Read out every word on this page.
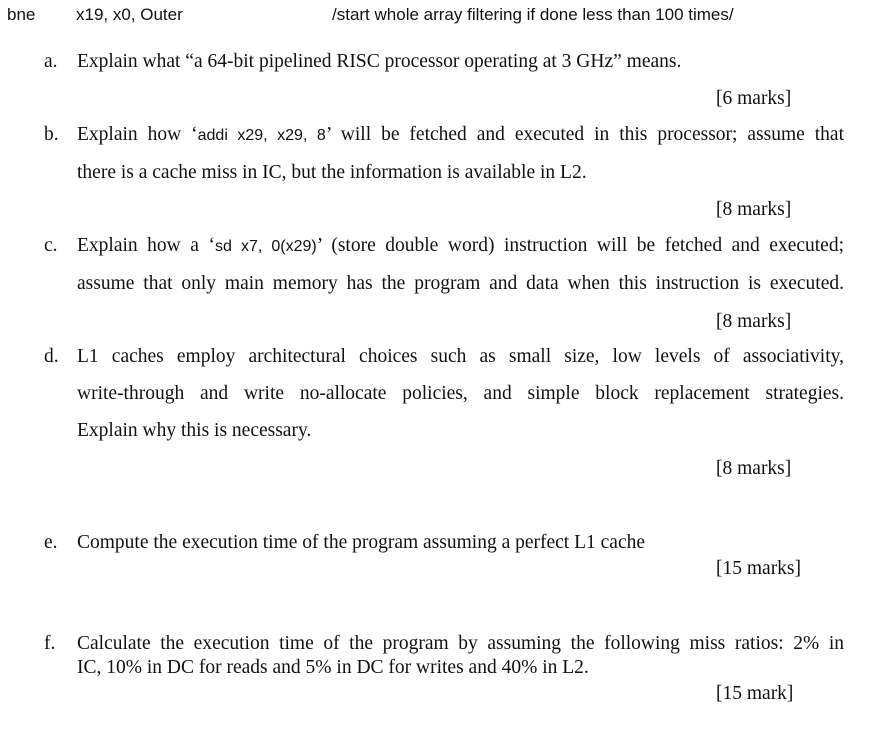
bne x19, x0, Outer	/start whole array filtering if done less than 100 times/
a. Explain what “a 64-bit pipelined RISC processor operating at 3 GHz” means.
[6 marks]
b. Explain how ‘addi x29, x29, 8’ will be fetched and executed in this processor; assume that
there is a cache miss in IC, but the information is available in L2.
[8 marks]
c. Explain how a ‘sd x7, 0(x29)’ (store double word) instruction will be fetched and executed;
assume that only main memory has the program and data when this instruction is executed.
[8 marks]
d. L1 caches employ architectural choices such as small size, low levels of associativity,
write-through and write no-allocate policies, and simple block replacement strategies.
Explain why this is necessary.
[8 marks]
e. Compute the execution time of the program assuming a perfect L1 cache
[15 marks]
f. Calculate the execution time of the program by assuming the following miss ratios: 2% in
IC, 10% in DC for reads and 5% in DC for writes and 40% in L2.
[15 mark]
